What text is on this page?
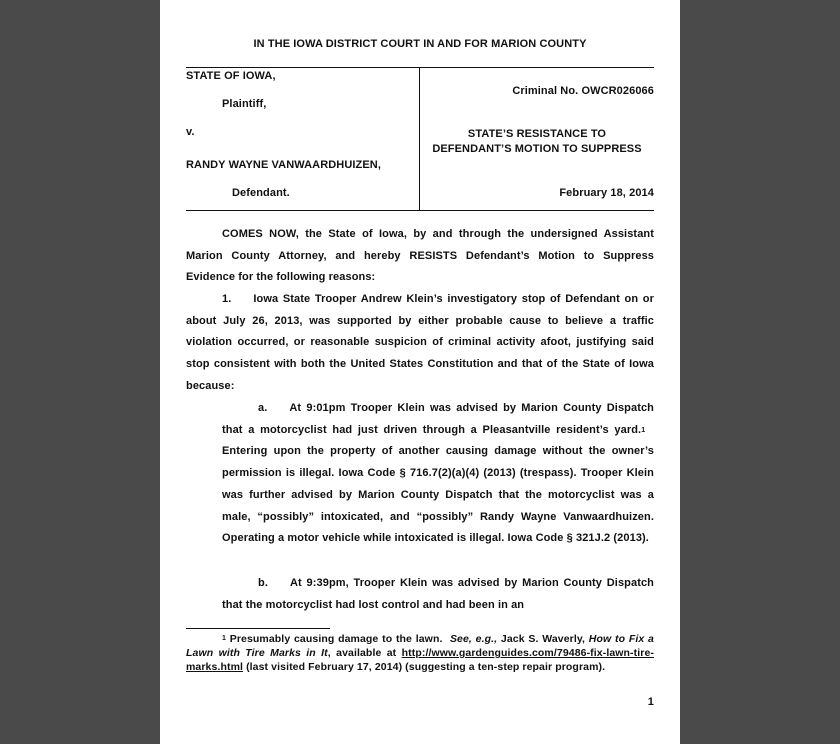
IN THE IOWA DISTRICT COURT IN AND FOR MARION COUNTY
STATE OF IOWA,
Plaintiff,
v.
RANDY WAYNE VANWAARDHUIZEN,
Defendant.
Criminal No. OWCR026066
STATE’S RESISTANCE TO
DEFENDANT’S MOTION TO SUPPRESS
February 18, 2014

COMES NOW, the State of Iowa, by and through the undersigned Assistant Marion County Attorney, and hereby RESISTS Defendant’s Motion to Suppress Evidence for the following reasons:

1. Iowa State Trooper Andrew Klein’s investigatory stop of Defendant on or about July 26, 2013, was supported by either probable cause to believe a traffic violation occurred, or reasonable suspicion of criminal activity afoot, justifying said stop consistent with both the United States Constitution and that of the State of Iowa because:

a. At 9:01pm Trooper Klein was advised by Marion County Dispatch that a motorcyclist had just driven through a Pleasantville resident’s yard.$^1$   Entering upon the property of another causing damage without the owner’s permission is illegal. Iowa Code § 716.7(2)(a)(4) (2013) (trespass). Trooper Klein was further advised by Marion County Dispatch that the motorcyclist was a male, “possibly” intoxicated, and “possibly” Randy Wayne Vanwaardhuizen. Operating a motor vehicle while intoxicated is illegal. Iowa Code § 321J.2 (2013).

b. At 9:39pm, Trooper Klein was advised by Marion County Dispatch that the motorcyclist had lost control and had been in an

$^1$ Presumably causing damage to the lawn. See, e.g., Jack S. Waverly, How to Fix a Lawn with Tire Marks in It, available at http://www.gardenguides.com/79486-fix-lawn-tire-marks.html (last visited February 17, 2014) (suggesting a ten-step repair program).
1
